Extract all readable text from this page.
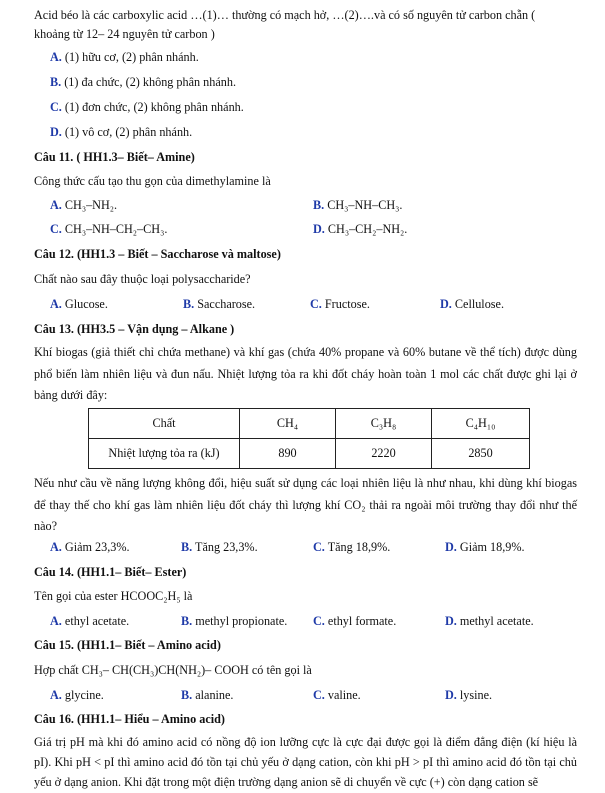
Acid béo là các carboxylic acid …(1)… thường có mạch hở, …(2)….và có số nguyên tử carbon chẵn (
khoảng từ 12– 24 nguyên tử carbon )
A. (1) hữu cơ, (2) phân nhánh.
B. (1) đa chức, (2) không phân nhánh.
C. (1) đơn chức, (2) không phân nhánh.
D. (1) vô cơ, (2) phân nhánh.
Câu 11. ( HH1.3– Biết– Amine)
Công thức cấu tạo thu gọn của dimethylamine là
A. CH₃–NH₂.	B. CH₃–NH–CH₃.
C. CH₃–NH–CH₂–CH₃.	D. CH₃–CH₂–NH₂.
Câu 12. (HH1.3 – Biết – Saccharose và maltose)
Chất nào sau đây thuộc loại polysaccharide?
A. Glucose.	B. Saccharose.	C. Fructose.	D. Cellulose.
Câu 13. (HH3.5 – Vận dụng – Alkane )
Khí biogas (giả thiết chỉ chứa methane) và khí gas (chứa 40% propane và 60% butane về thể tích) được dùng phổ biến làm nhiên liệu và đun nấu. Nhiệt lượng tỏa ra khi đốt cháy hoàn toàn 1 mol các chất được ghi lại ở bảng dưới đây:
Chất	CH₄	C₃H₈	C₄H₁₀
Nhiệt lượng tỏa ra (kJ)	890	2220	2850
Nếu như cầu về năng lượng không đổi, hiệu suất sử dụng các loại nhiên liệu là như nhau, khi dùng khí biogas để thay thế cho khí gas làm nhiên liệu đốt cháy thì lượng khí CO₂ thải ra ngoài môi trường thay đổi như thế nào?
A. Giảm 23,3%.	B. Tăng 23,3%.	C. Tăng 18,9%.	D. Giảm 18,9%.
Câu 14. (HH1.1– Biết– Ester)
Tên gọi của ester HCOOC₂H₅ là
A. ethyl acetate.	B. methyl propionate. C. ethyl formate.	D. methyl acetate.
Câu 15. (HH1.1– Biết – Amino acid)
Hợp chất CH₃– CH(CH₃)CH(NH₂)– COOH có tên gọi là
A. glycine.	B. alanine.	C. valine.	D. lysine.
Câu 16. (HH1.1– Hiểu – Amino acid)
Giá trị pH mà khi đó amino acid có nồng độ ion lưỡng cực là cực đại được gọi là điểm đẳng điện (kí hiệu là pI). Khi pH < pI thì amino acid đó tồn tại chủ yếu ở dạng cation, còn khi pH > pI thì amino acid đó tồn tại chủ yếu ở dạng anion. Khi đặt trong một điện trường dạng anion sẽ di chuyển về cực (+) còn dạng cation sẽ
